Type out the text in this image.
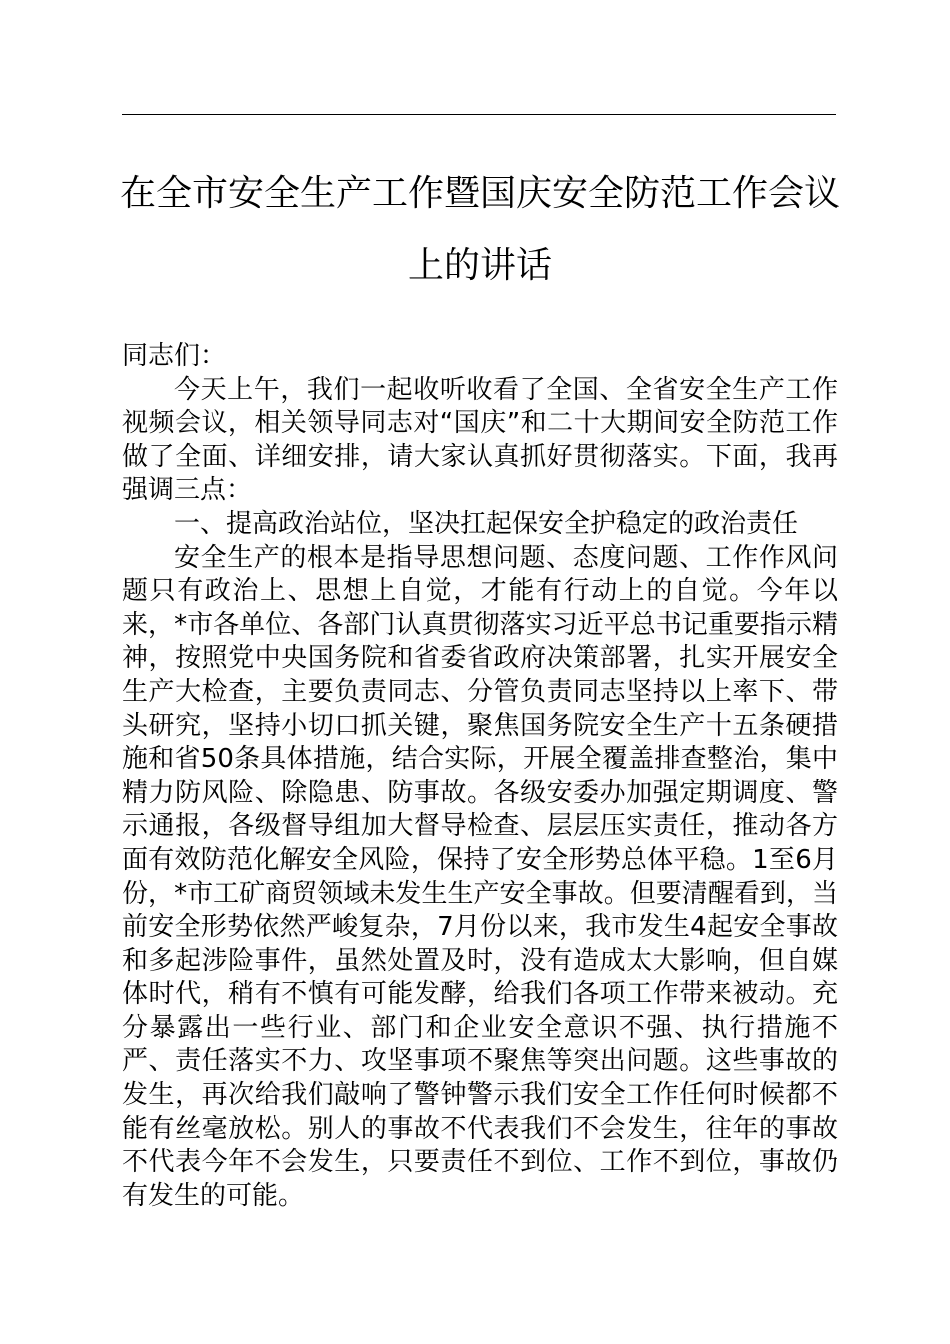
在全市安全生产工作暨国庆安全防范工作会议上的讲话

同志们：

今天上午，我们一起收听收看了全国、全省安全生产工作视频会议，相关领导同志对“国庆”和二十大期间安全防范工作做了全面、详细安排，请大家认真抓好贯彻落实。下面，我再强调三点：

一、提高政治站位，坚决扛起保安全护稳定的政治责任

安全生产的根本是指导思想问题、态度问题、工作作风问题只有政治上、思想上自觉，才能有行动上的自觉。今年以来，*市各单位、各部门认真贯彻落实习近平总书记重要指示精神，按照党中央国务院和省委省政府决策部署，扎实开展安全生产大检查，主要负责同志、分管负责同志坚持以上率下、带头研究，坚持小切口抓关键，聚焦国务院安全生产十五条硬措施和省50条具体措施，结合实际，开展全覆盖排查整治，集中精力防风险、除隐患、防事故。各级安委办加强定期调度、警示通报，各级督导组加大督导检查、层层压实责任，推动各方面有效防范化解安全风险，保持了安全形势总体平稳。1至6月份，*市工矿商贸领域未发生生产安全事故。但要清醒看到，当前安全形势依然严峻复杂，7月份以来，我市发生4起安全事故和多起涉险事件，虽然处置及时，没有造成太大影响，但自媒体时代，稍有不慎有可能发酵，给我们各项工作带来被动。充分暴露出一些行业、部门和企业安全意识不强、执行措施不严、责任落实不力、攻坚事项不聚焦等突出问题。这些事故的发生，再次给我们敲响了警钟警示我们安全工作任何时候都不能有丝毫放松。别人的事故不代表我们不会发生，往年的事故不代表今年不会发生，只要责任不到位、工作不到位，事故仍有发生的可能。
